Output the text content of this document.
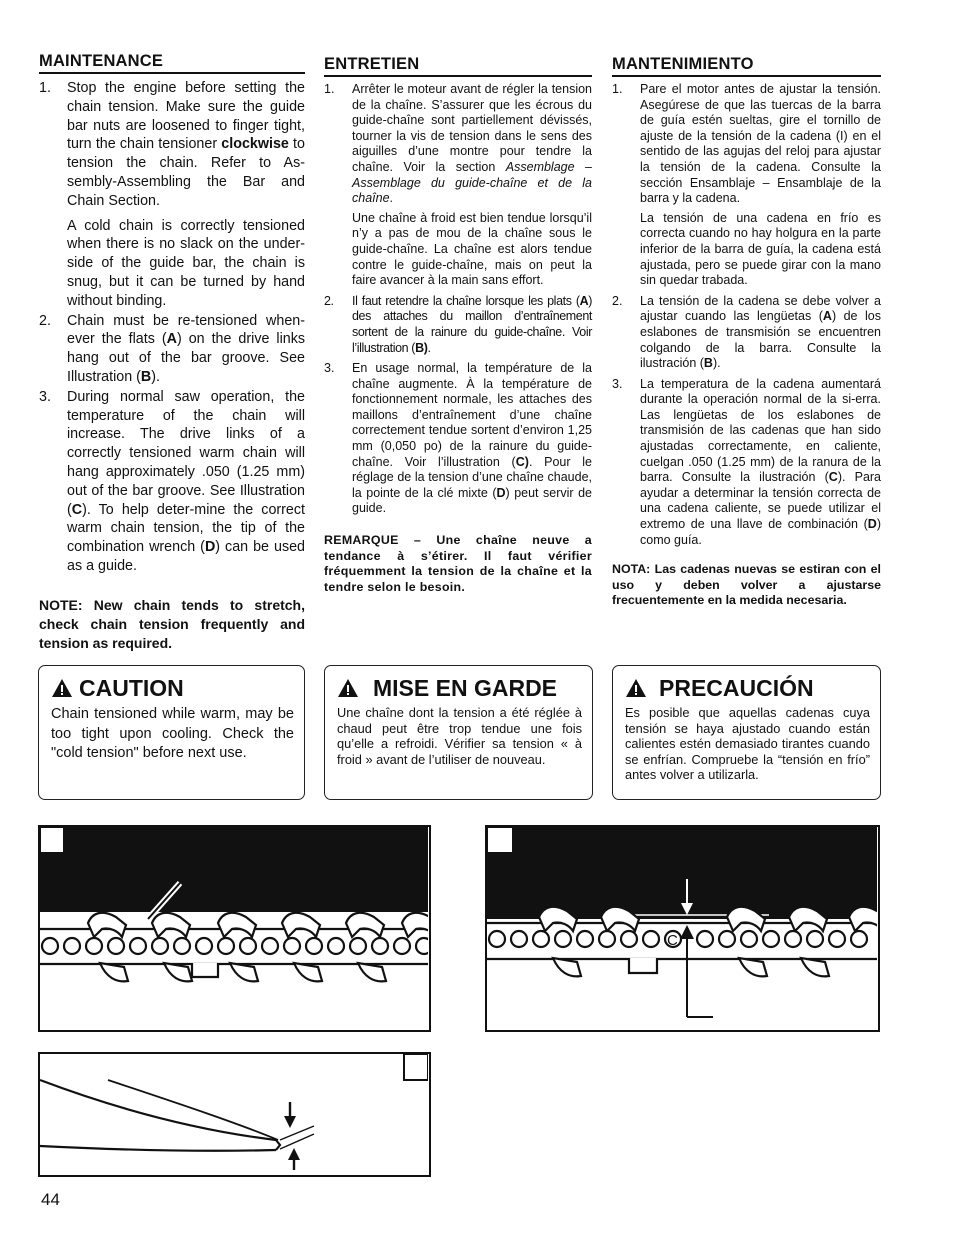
MAINTENANCE
1. Stop the engine before setting the chain tension. Make sure the guide bar nuts are loosened to finger tight, turn the chain tensioner clockwise to tension the chain. Refer to As-sembly-Assembling the Bar and Chain Section.

A cold chain is correctly tensioned when there is no slack on the under-side of the guide bar, the chain is snug, but it can be turned by hand without binding.

2. Chain must be re-tensioned when-ever the flats (A) on the drive links hang out of the bar groove. See Illustration (B).
3. During normal saw operation, the temperature of the chain will increase. The drive links of a correctly tensioned warm chain will hang approximately .050 (1.25 mm) out of the bar groove. See Illustration (C). To help deter-mine the correct warm chain tension, the tip of the combination wrench (D) can be used as a guide.

NOTE: New chain tends to stretch, check chain tension frequently and tension as required.

ENTRETIEN
1. Arrêter le moteur avant de régler la tension de la chaîne. S’assurer que les écrous du guide-chaîne sont partiellement dévissés, tourner la vis de tension dans le sens des aiguilles d’une montre pour tendre la chaîne. Voir la section Assemblage – Assemblage du guide-chaîne et de la chaîne.

Une chaîne à froid est bien tendue lorsqu’il n’y a pas de mou de la chaîne sous le guide-chaîne. La chaîne est alors tendue contre le guide-chaîne, mais on peut la faire avancer à la main sans effort.

2. Il faut retendre la chaîne lorsque les plats (A) des attaches du maillon d’entraînement sortent de la rainure du guide-chaîne. Voir l’illustration (B).
3. En usage normal, la température de la chaîne augmente. À la température de fonctionnement normale, les attaches des maillons d’entraînement d’une chaîne correctement tendue sortent d’environ 1,25 mm (0,050 po) de la rainure du guide-chaîne. Voir l’illustration (C). Pour le réglage de la tension d’une chaîne chaude, la pointe de la clé mixte (D) peut servir de guide.

REMARQUE – Une chaîne neuve a tendance à s’étirer. Il faut vérifier fréquemment la tension de la chaîne et la tendre selon le besoin.

MANTENIMIENTO
1. Pare el motor antes de ajustar la tensión. Asegúrese de que las tuercas de la barra de guía estén sueltas, gire el tornillo de ajuste de la tensión de la cadena (I) en el sentido de las agujas del reloj para ajustar la tensión de la cadena. Consulte la sección Ensamblaje – Ensamblaje de la barra y la cadena.

La tensión de una cadena en frío es correcta cuando no hay holgura en la parte inferior de la barra de guía, la cadena está ajustada, pero se puede girar con la mano sin quedar trabada.

2. La tensión de la cadena se debe volver a ajustar cuando las lengüetas (A) de los eslabones de transmisión se encuentren colgando de la barra. Consulte la ilustración (B).
3. La temperatura de la cadena aumentará durante la operación normal de la si-erra. Las lengüetas de los eslabones de transmisión de las cadenas que han sido ajustadas correctamente, en caliente, cuelgan .050 (1.25 mm) de la ranura de la barra. Consulte la ilustración (C). Para ayudar a determinar la tensión correcta de una cadena caliente, se puede utilizar el extremo de una llave de combinación (D) como guía.

NOTA: Las cadenas nuevas se estiran con el uso y deben volver a ajustarse frecuentemente en la medida necesaria.

CAUTION

Chain tensioned while warm, may be too tight upon cooling. Check the "cold tension" before next use.

MISE EN GARDE

Une chaîne dont la tension a été réglée à chaud peut être trop tendue une fois qu’elle a refroidi. Vérifier sa tension « à froid » avant de l’utiliser de nouveau.

PRECAUCIÓN

Es posible que aquellas cadenas cuya tensión se haya ajustado cuando están calientes estén demasiado tirantes cuando se enfrían. Compruebe la “tensión en frío” antes volver a utilizarla.

C
44
